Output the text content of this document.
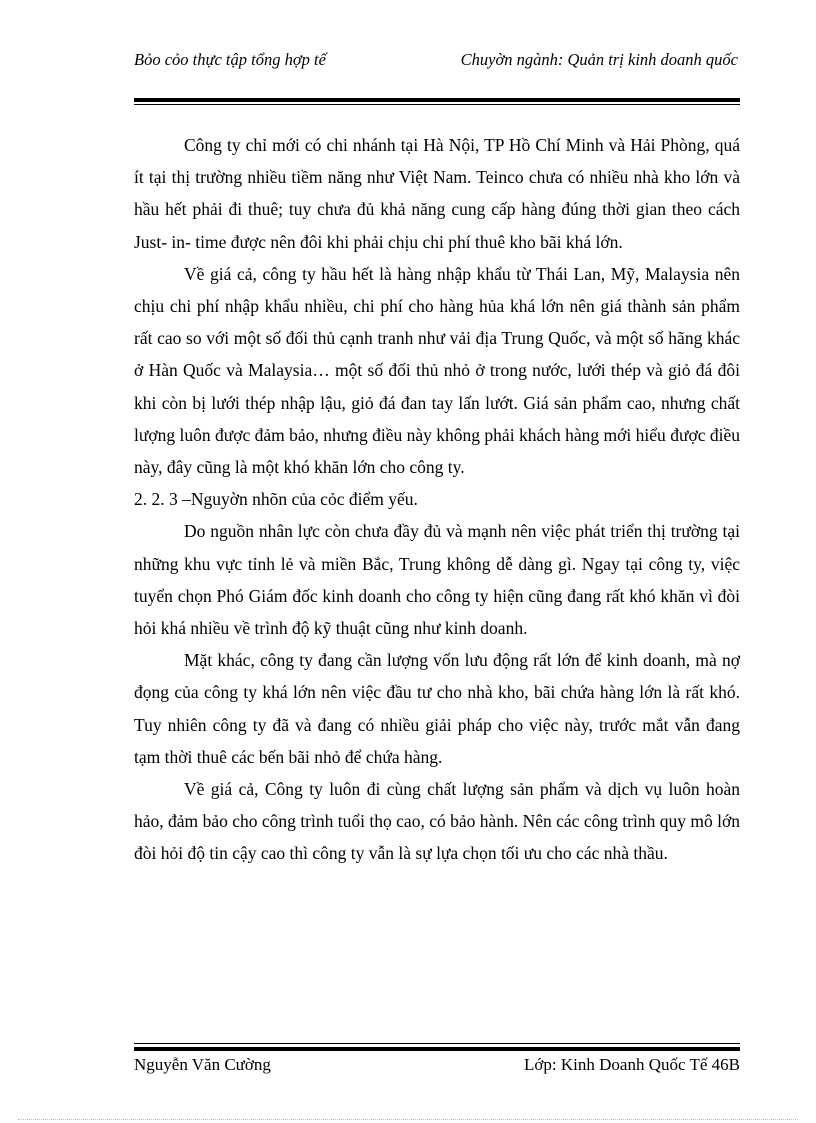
Bỏo cỏo thực tập tổng hợp tế	Chuyờn ngành: Quản trị kinh doanh quốc

Công ty chỉ mới có chi nhánh tại Hà Nội, TP Hồ Chí Minh và Hải Phòng, quá ít tại thị trường nhiều tiềm năng như Việt Nam. Teinco chưa có nhiều nhà kho lớn và hầu hết phải đi thuê; tuy chưa đủ khả năng cung cấp hàng đúng thời gian theo cách Just- in- time được nên đôi khi phải chịu chi phí thuê kho bãi khá lớn.

Về giá cả, công ty hầu hết là hàng nhập khẩu từ Thái Lan, Mỹ, Malaysia nên chịu chi phí nhập khẩu nhiều, chi phí cho hàng hủa khá lớn nên giá thành sản phẩm rất cao so với một số đối thủ cạnh tranh như vải địa Trung Quốc, và một số hãng khác ở Hàn Quốc và Malaysia… một số đối thủ nhỏ ở trong nước, lưới thép và giỏ đá đôi khi còn bị lưới thép nhập lậu, giỏ đá đan tay lấn lướt. Giá sản phẩm cao, nhưng chất lượng luôn được đảm bảo, nhưng điều này không phải khách hàng mới hiểu được điều này, đây cũng là một khó khăn lớn cho công ty.

2. 2. 3 –Nguyờn nhõn của cỏc điểm yếu.

Do nguồn nhân lực còn chưa đầy đủ và mạnh nên việc phát triển thị trường tại những khu vực tỉnh lẻ và miền Bắc, Trung không dễ dàng gì. Ngay tại công ty, việc tuyển chọn Phó Giám đốc kinh doanh cho công ty hiện cũng đang rất khó khăn vì đòi hỏi khá nhiều về trình độ kỹ thuật cũng như kinh doanh.

Mặt khác, công ty đang cần lượng vốn lưu động rất lớn để kinh doanh, mà nợ đọng của công ty khá lớn nên việc đầu tư cho nhà kho, bãi chứa hàng lớn là rất khó. Tuy nhiên công ty đã và đang có nhiều giải pháp cho việc này, trước mắt vẫn đang tạm thời thuê các bến bãi nhỏ để chứa hàng.

Về giá cả, Công ty luôn đi cùng chất lượng sản phẩm và dịch vụ luôn hoàn hảo, đảm bảo cho công trình tuổi thọ cao, có bảo hành. Nên các công trình quy mô lớn đòi hỏi độ tin cậy cao thì công ty vẫn là sự lựa chọn tối ưu cho các nhà thầu.

Nguyễn Văn Cường	Lớp: Kinh Doanh Quốc Tế 46B
